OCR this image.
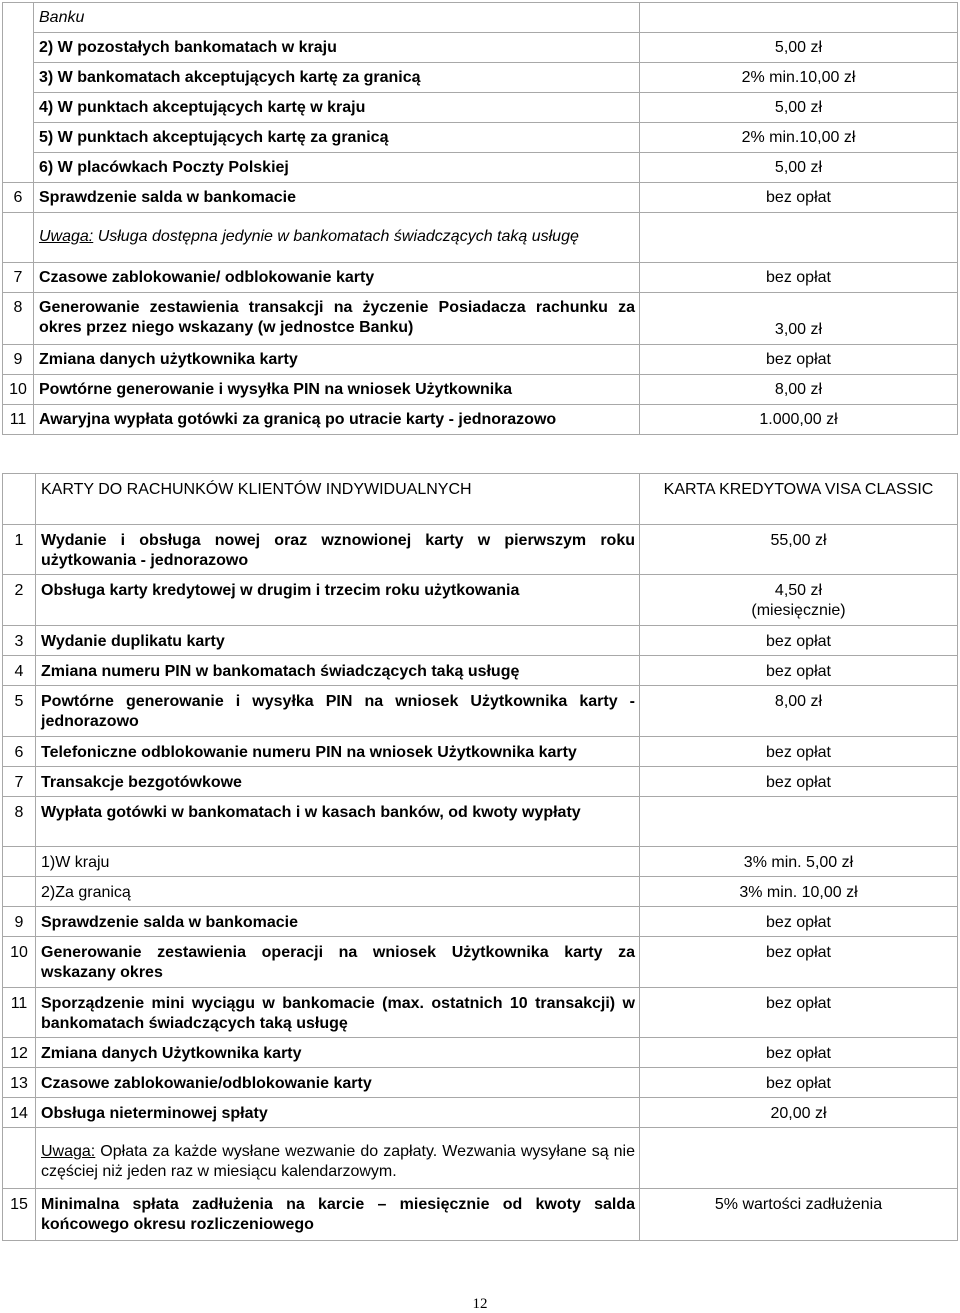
	Banku	
	2) W pozostałych bankomatach w kraju	5,00 zł
	3) W bankomatach akceptujących kartę za granicą	2% min.10,00 zł
	4) W punktach akceptujących kartę w kraju	5,00 zł
	5) W punktach akceptujących kartę za granicą	2% min.10,00 zł
	6) W placówkach Poczty Polskiej	5,00 zł
6	Sprawdzenie salda w bankomacie	bez opłat
	Uwaga: Usługa dostępna jedynie w bankomatach świadczących taką usługę	
7	Czasowe zablokowanie/ odblokowanie karty	bez opłat
8	Generowanie zestawienia transakcji na życzenie Posiadacza rachunku za okres przez niego wskazany (w jednostce Banku)	3,00 zł
9	Zmiana danych użytkownika karty	bez opłat
10	Powtórne generowanie i wysyłka PIN na wniosek Użytkownika	8,00 zł
11	Awaryjna wypłata gotówki za granicą po utracie karty - jednorazowo	1.000,00 zł
	KARTY DO RACHUNKÓW KLIENTÓW INDYWIDUALNYCH	KARTA KREDYTOWA VISA CLASSIC
1	Wydanie i obsługa nowej oraz wznowionej karty w pierwszym roku użytkowania - jednorazowo	55,00 zł
2	Obsługa karty kredytowej w drugim i trzecim roku użytkowania	4,50 zł
(miesięcznie)

3	Wydanie duplikatu karty	bez opłat
4	Zmiana numeru PIN w bankomatach świadczących taką usługę	bez opłat
5	Powtórne generowanie i wysyłka PIN na wniosek Użytkownika karty - jednorazowo	8,00 zł
6	Telefoniczne odblokowanie numeru PIN na wniosek Użytkownika karty	bez opłat
7	Transakcje bezgotówkowe	bez opłat
8	Wypłata gotówki w bankomatach i w kasach banków, od kwoty wypłaty	
	1)W kraju	3% min. 5,00 zł
	2)Za granicą	3% min. 10,00 zł
9	Sprawdzenie salda w bankomacie	bez opłat
10	Generowanie zestawienia operacji na wniosek Użytkownika karty za wskazany okres	bez opłat
11	Sporządzenie mini wyciągu w bankomacie (max. ostatnich 10 transakcji) w bankomatach świadczących taką usługę	bez opłat
12	Zmiana danych Użytkownika karty	bez opłat
13	Czasowe zablokowanie/odblokowanie karty	bez opłat
14	Obsługa nieterminowej spłaty	20,00 zł
	Uwaga: Opłata za każde wysłane wezwanie do zapłaty. Wezwania wysyłane są nie częściej niż jeden raz w miesiącu kalendarzowym.	
15	Minimalna spłata zadłużenia na karcie – miesięcznie od kwoty salda końcowego okresu rozliczeniowego	5% wartości zadłużenia
12
